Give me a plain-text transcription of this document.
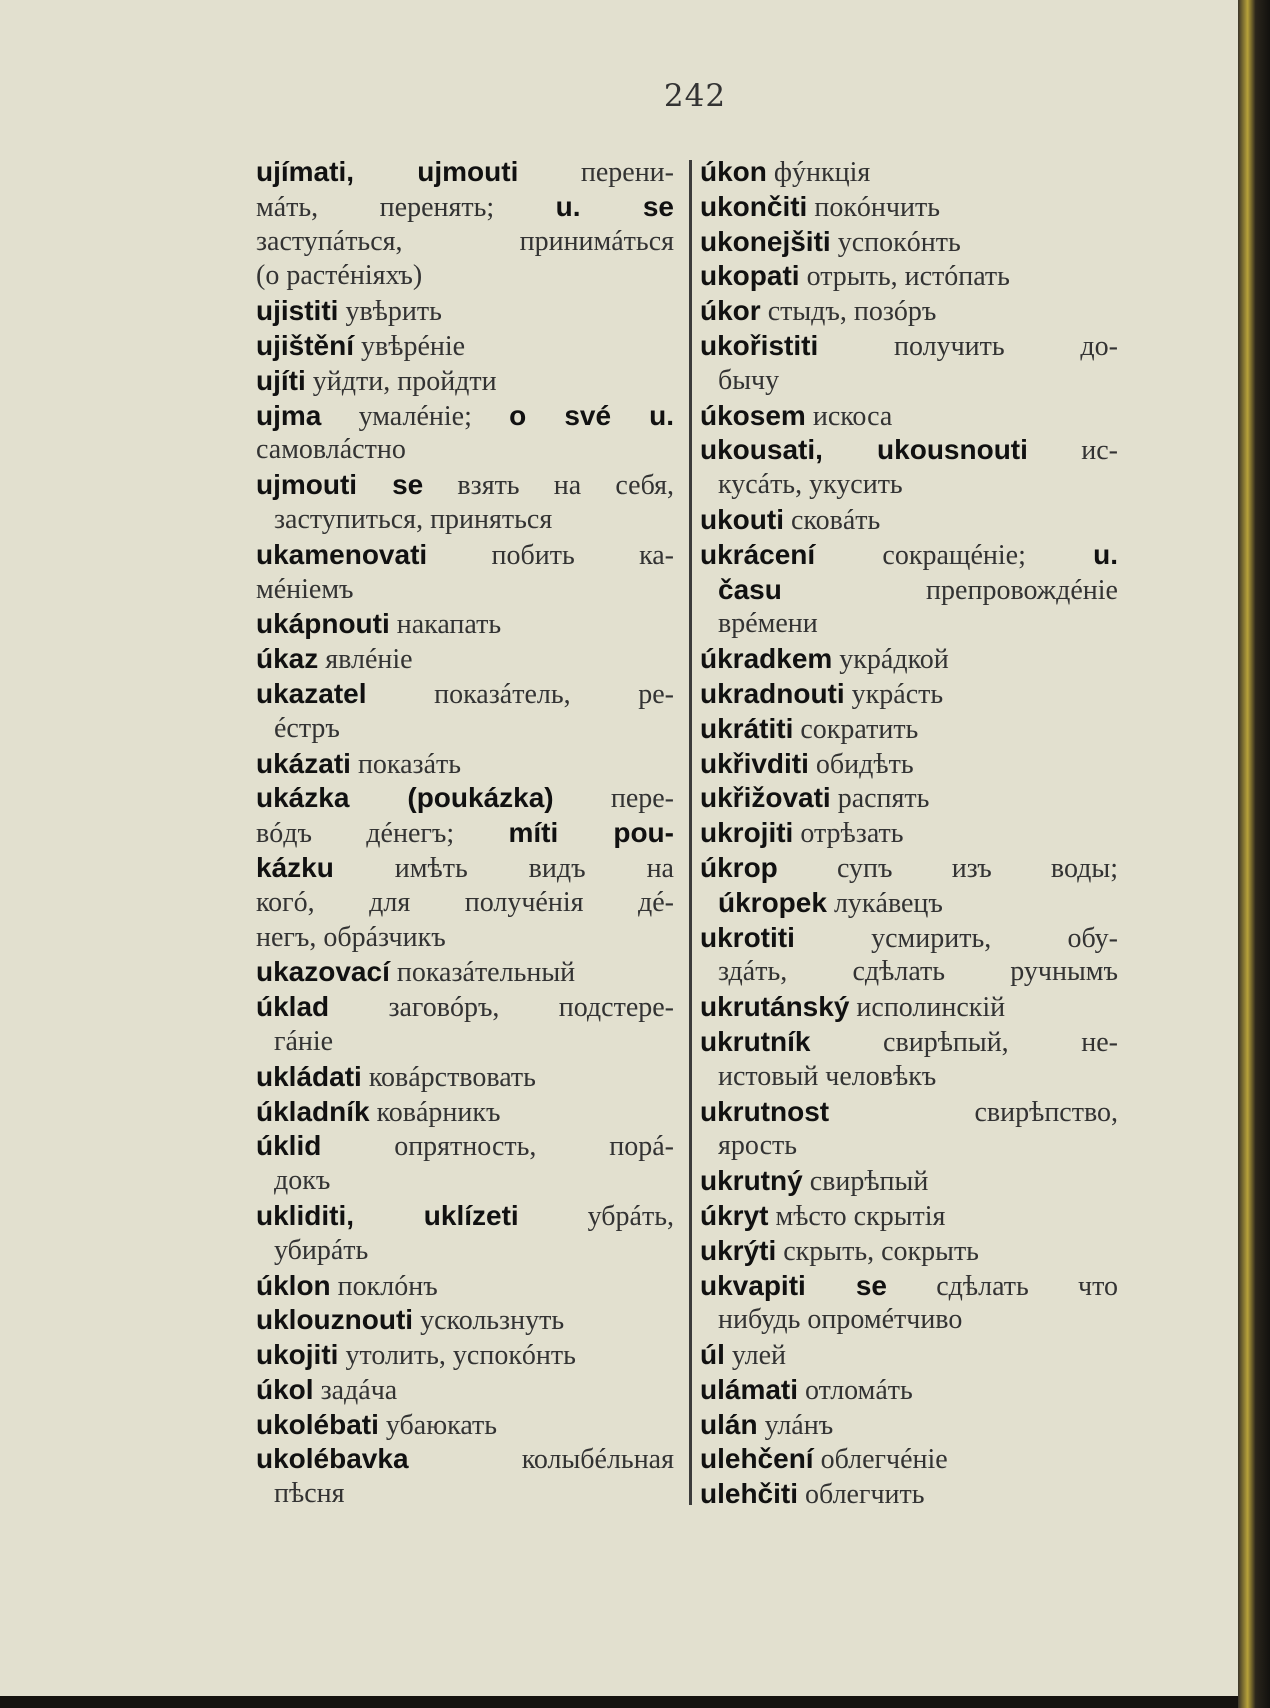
242
ujímati, ujmouti перени-
мáть, перенять; u. se
заступáться, принимáться
(о растéніяхъ)
ujistiti увѣрить
ujištění увѣрéніе
ujíti уйдти, пройдти
ujma умалéніе; o své u.
самовлáстно
ujmouti se взять на себя,
заступиться, приняться
ukamenovati побить ка-
мéніемъ
ukápnouti накапать
úkaz явлéніе
ukazatel показáтель, ре-
éстръ
ukázati показáть
ukázka (poukázka) пере-
вóдъ дéнегъ; míti pou-
kázku имѣть видъ на
когó, для получéнія дé-
негъ, обрáзчикъ
ukazovací показáтельный
úklad заговóръ, подстере-
гáніе
ukládati ковáрствовать
úkladník ковáрникъ
úklid опрятность, порá-
докъ
ukliditi, uklízeti убрáть,
убирáть
úklon поклóнъ
uklouznouti ускользнуть
ukojiti утолить, успокóнть
úkol задáча
ukolébati убаюкать
ukolébavka колыбéльная
пѣсня
úkon фýнкція
ukončiti покóнчить
ukonejšiti успокóнть
ukopati отрыть, истóпать
úkor стыдъ, позóръ
ukořistiti получить до-
бычу
úkosem искоса
ukousati, ukousnouti ис-
кусáть, укусить
ukouti сковáть
ukrácení сокращéніе; u.
času препровождéніе
врéмени
úkradkem укрáдкой
ukradnouti укрáсть
ukrátiti сократить
ukřivditi обидѣть
ukřižovati распять
ukrojiti отрѣзать
úkrop супъ изъ воды;
úkropek лукáвецъ
ukrotiti усмирить, обу-
здáть, сдѣлать ручнымъ
ukrutánský исполинскій
ukrutník свирѣпый, не-
истовый человѣкъ
ukrutnost свирѣпство,
ярость
ukrutný свирѣпый
úkryt мѣсто скрытія
ukrýti скрыть, сокрыть
ukvapiti se сдѣлать что
нибудь опромéтчиво
úl улей
ulámati отломáть
ulán улáнъ
ulehčení облегчéніе
ulehčiti облегчить
